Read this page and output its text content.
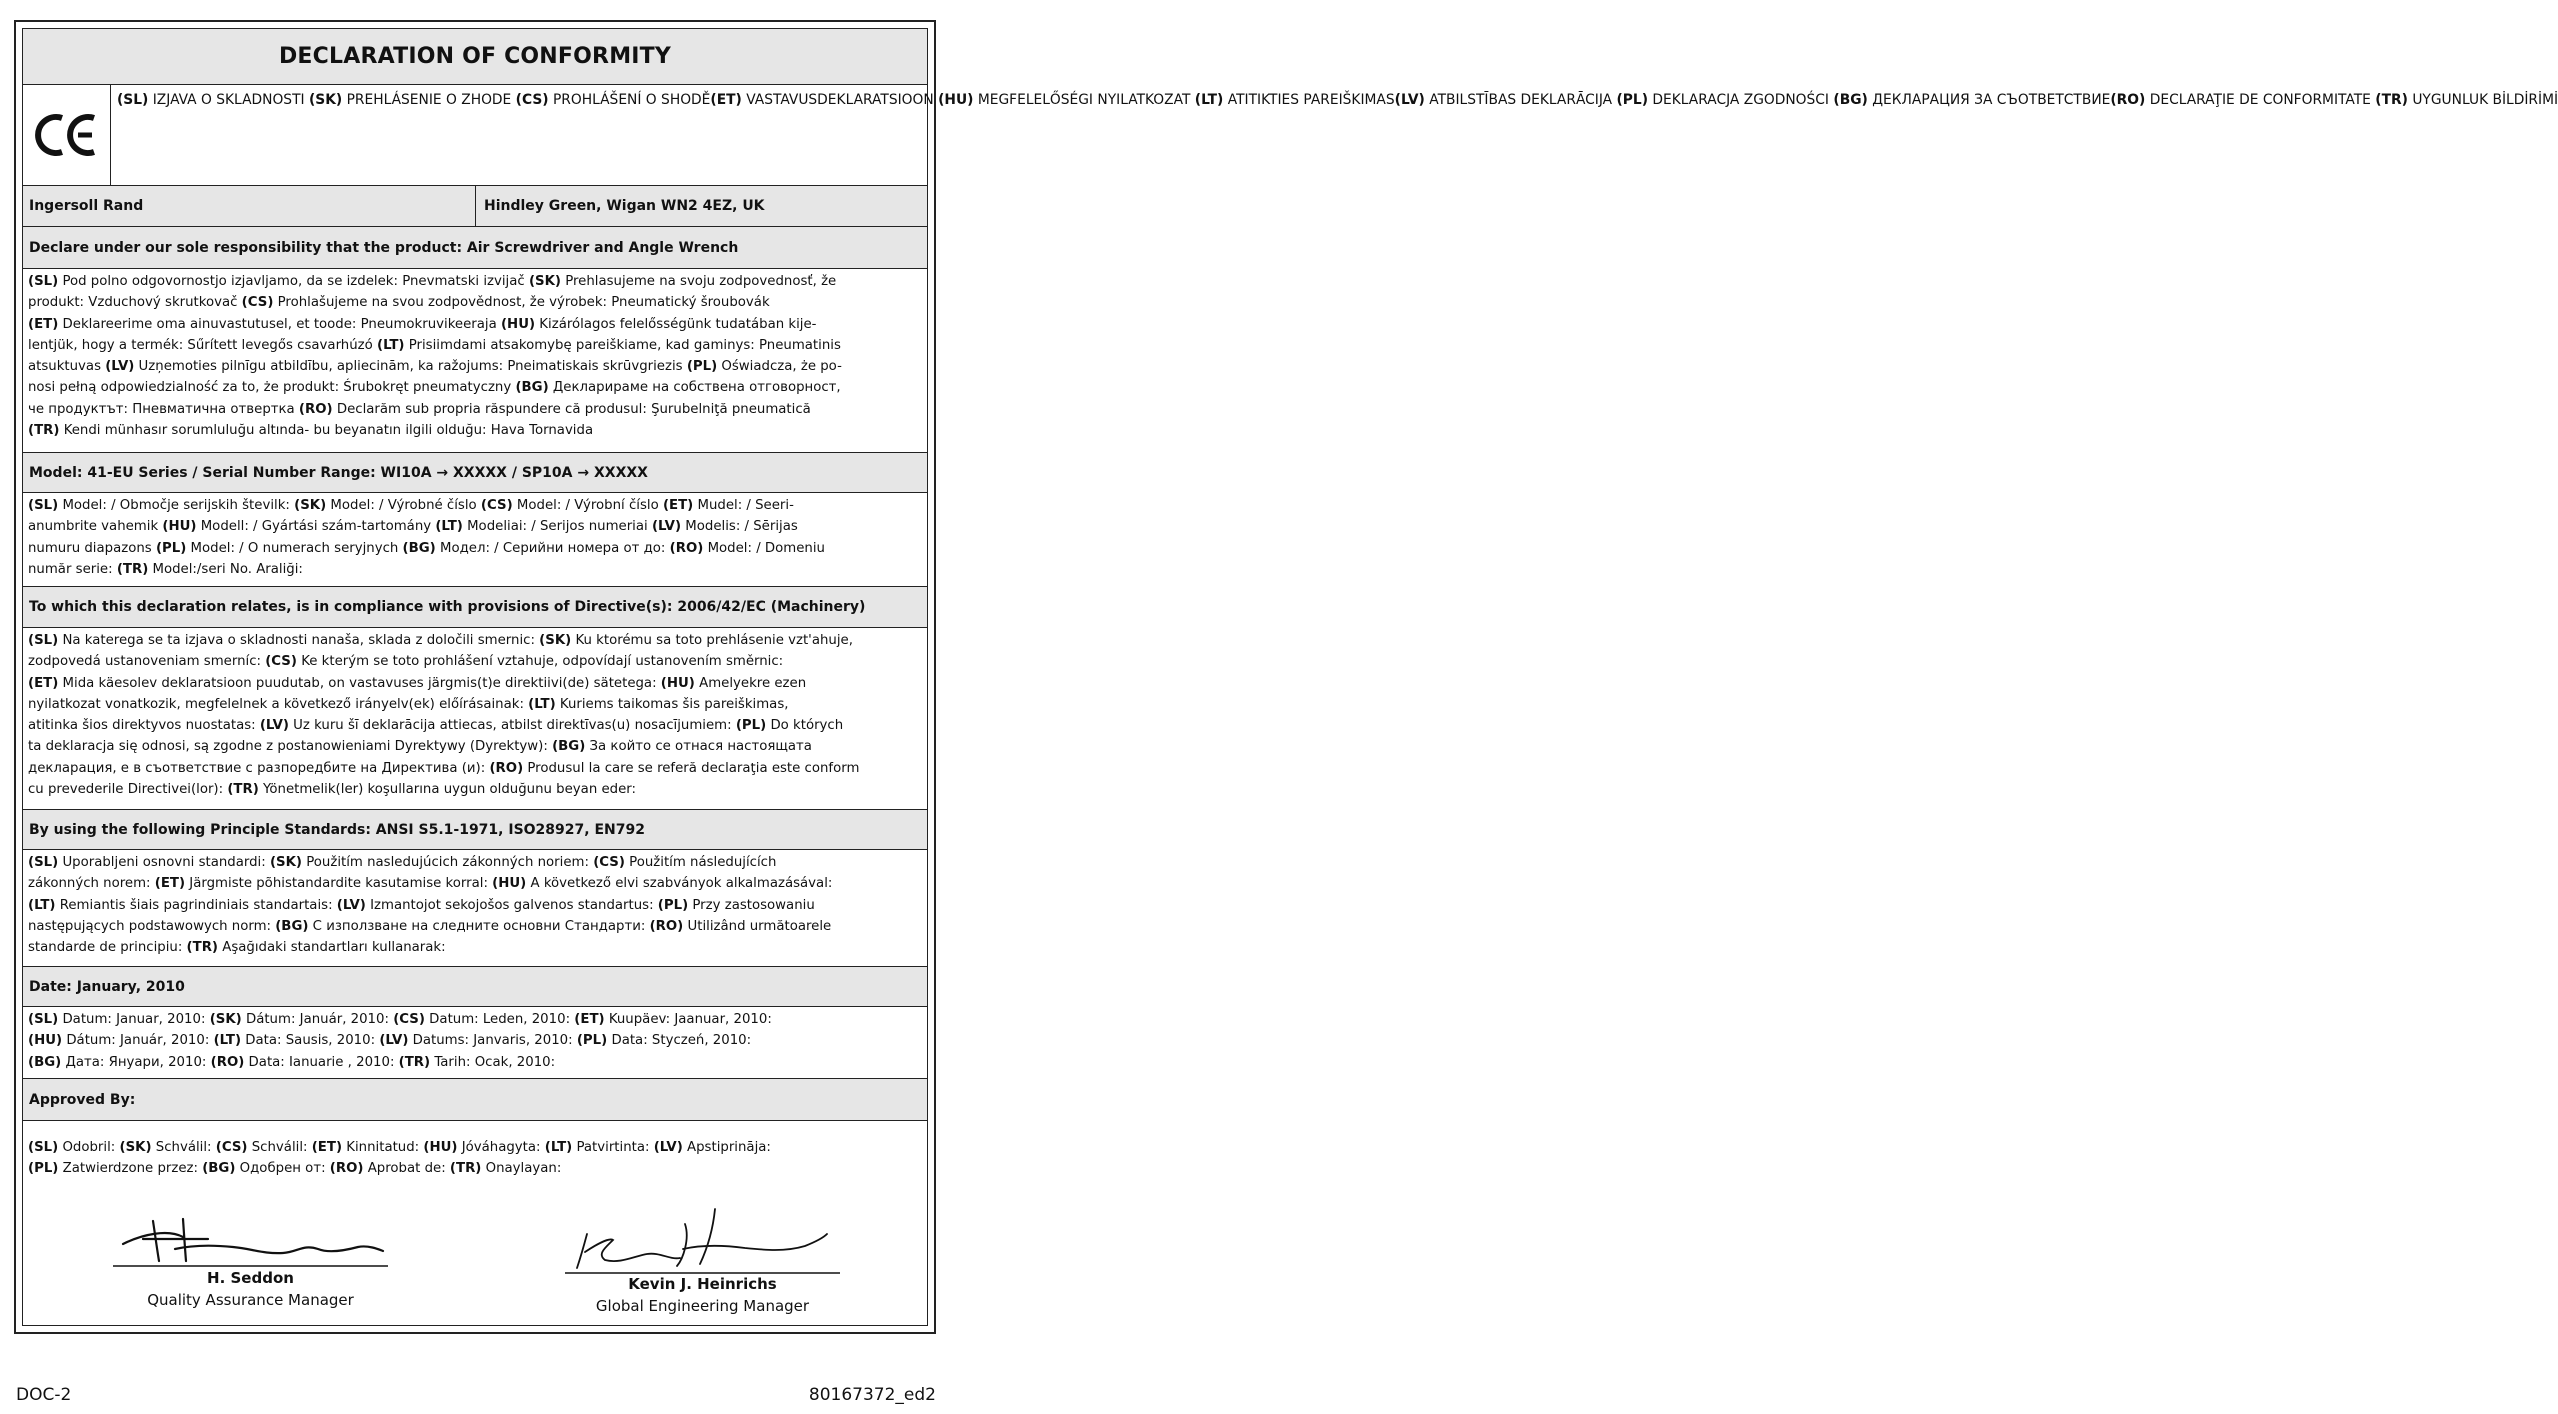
DECLARATION OF CONFORMITY
(SL) IZJAVA O SKLADNOSTI (SK) PREHLÁSENIE O ZHODE (CS) PROHLÁŠENÍ O SHODĚ(ET) VASTAVUSDEKLARATSIOON (HU) MEGFELELŐSÉGI NYILATKOZAT (LT) ATITIKTIES PAREIŠKIMAS(LV) ATBILSTĪBAS DEKLARĀCIJA (PL) DEKLARACJA ZGODNOŚCI (BG) ДЕКЛАРАЦИЯ ЗА СЪОТВЕТСТВИЕ(RO) DECLARAŢIE DE CONFORMITATE (TR) UYGUNLUK BİLDİRİMİ
Ingersoll Rand	Hindley Green, Wigan WN2 4EZ, UK
Declare under our sole responsibility that the product: Air Screwdriver and Angle Wrench
(SL) Pod polno odgovornostjo izjavljamo, da se izdelek: Pnevmatski izvijač (SK) Prehlasujeme na svoju zodpovednosť, že
produkt: Vzduchový skrutkovač (CS) Prohlašujeme na svou zodpovědnost, že výrobek: Pneumatický šroubovák
(ET) Deklareerime oma ainuvastutusel, et toode: Pneumokruvikeeraja (HU) Kizárólagos felelősségünk tudatában kije-
lentjük, hogy a termék: Sűrített levegős csavarhúzó (LT) Prisiimdami atsakomybę pareiškiame, kad gaminys: Pneumatinis
atsuktuvas (LV) Uzņemoties pilnīgu atbildību, apliecinām, ka ražojums: Pneimatiskais skrūvgriezis (PL) Oświadcza, że po-
nosi pełną odpowiedzialność za to, że produkt: Śrubokręt pneumatyczny (BG) Декларираме на собствена отговорност,
че продуктът: Пневматична отвертка (RO) Declarăm sub propria răspundere că produsul: Şurubelniţă pneumatică
(TR) Kendi münhasır sorumluluğu altında- bu beyanatın ilgili olduğu: Hava Tornavida
Model: 41-EU Series / Serial Number Range: WI10A → XXXXX / SP10A → XXXXX
(SL) Model: / Območje serijskih številk: (SK) Model: / Výrobné číslo (CS) Model: / Výrobní číslo (ET) Mudel: / Seeri-
anumbrite vahemik (HU) Modell: / Gyártási szám-tartomány (LT) Modeliai: / Serijos numeriai (LV) Modelis: / Sērijas
numuru diapazons (PL) Model: / O numerach seryjnych (BG) Модел: / Серийни номера от до: (RO) Model: / Domeniu
număr serie: (TR) Model:/seri No. Araliği:
To which this declaration relates, is in compliance with provisions of Directive(s): 2006/42/EC (Machinery)
(SL) Na katerega se ta izjava o skladnosti nanaša, sklada z določili smernic: (SK) Ku ktorému sa toto prehlásenie vzt'ahuje,
zodpovedá ustanoveniam smerníc: (CS) Ke kterým se toto prohlášení vztahuje, odpovídají ustanovením směrnic:
(ET) Mida käesolev deklaratsioon puudutab, on vastavuses järgmis(t)e direktiivi(de) sätetega: (HU) Amelyekre ezen
nyilatkozat vonatkozik, megfelelnek a következő irányelv(ek) előírásainak: (LT) Kuriems taikomas šis pareiškimas,
atitinka šios direktyvos nuostatas: (LV) Uz kuru šī deklarācija attiecas, atbilst direktīvas(u) nosacījumiem: (PL) Do których
ta deklaracja się odnosi, są zgodne z postanowieniami Dyrektywy (Dyrektyw): (BG) За който се отнася настоящата
декларация, е в съответствие с разпоредбите на Директива (и): (RO) Produsul la care se referă declaraţia este conform
cu prevederile Directivei(lor): (TR) Yönetmelik(ler) koşullarına uygun olduğunu beyan eder:
By using the following Principle Standards: ANSI S5.1-1971, ISO28927, EN792
(SL) Uporabljeni osnovni standardi: (SK) Použitím nasledujúcich zákonných noriem: (CS) Použitím následujících
zákonných norem: (ET) Järgmiste põhistandardite kasutamise korral: (HU) A következő elvi szabványok alkalmazásával:
(LT) Remiantis šiais pagrindiniais standartais: (LV) Izmantojot sekojošos galvenos standartus: (PL) Przy zastosowaniu
następujących podstawowych norm: (BG) С използване на следните основни Стандарти: (RO) Utilizând următoarele
standarde de principiu: (TR) Aşağıdaki standartları kullanarak:
Date: January, 2010
(SL) Datum: Januar, 2010: (SK) Dátum: Január, 2010: (CS) Datum: Leden, 2010: (ET) Kuupäev: Jaanuar, 2010:
(HU) Dátum: Január, 2010: (LT) Data: Sausis, 2010: (LV) Datums: Janvaris, 2010: (PL) Data: Styczeń, 2010:
(BG) Дата: Януари, 2010: (RO) Data: Ianuarie , 2010: (TR) Tarih: Ocak, 2010:
Approved By:
(SL) Odobril: (SK) Schválil: (CS) Schválil: (ET) Kinnitatud: (HU) Jóváhagyta: (LT) Patvirtinta: (LV) Apstiprināja:
(PL) Zatwierdzone przez: (BG) Одобрен от: (RO) Aprobat de: (TR) Onaylayan:
H. Seddon
Quality Assurance Manager
Kevin J. Heinrichs
Global Engineering Manager
DOC-2	80167372_ed2
